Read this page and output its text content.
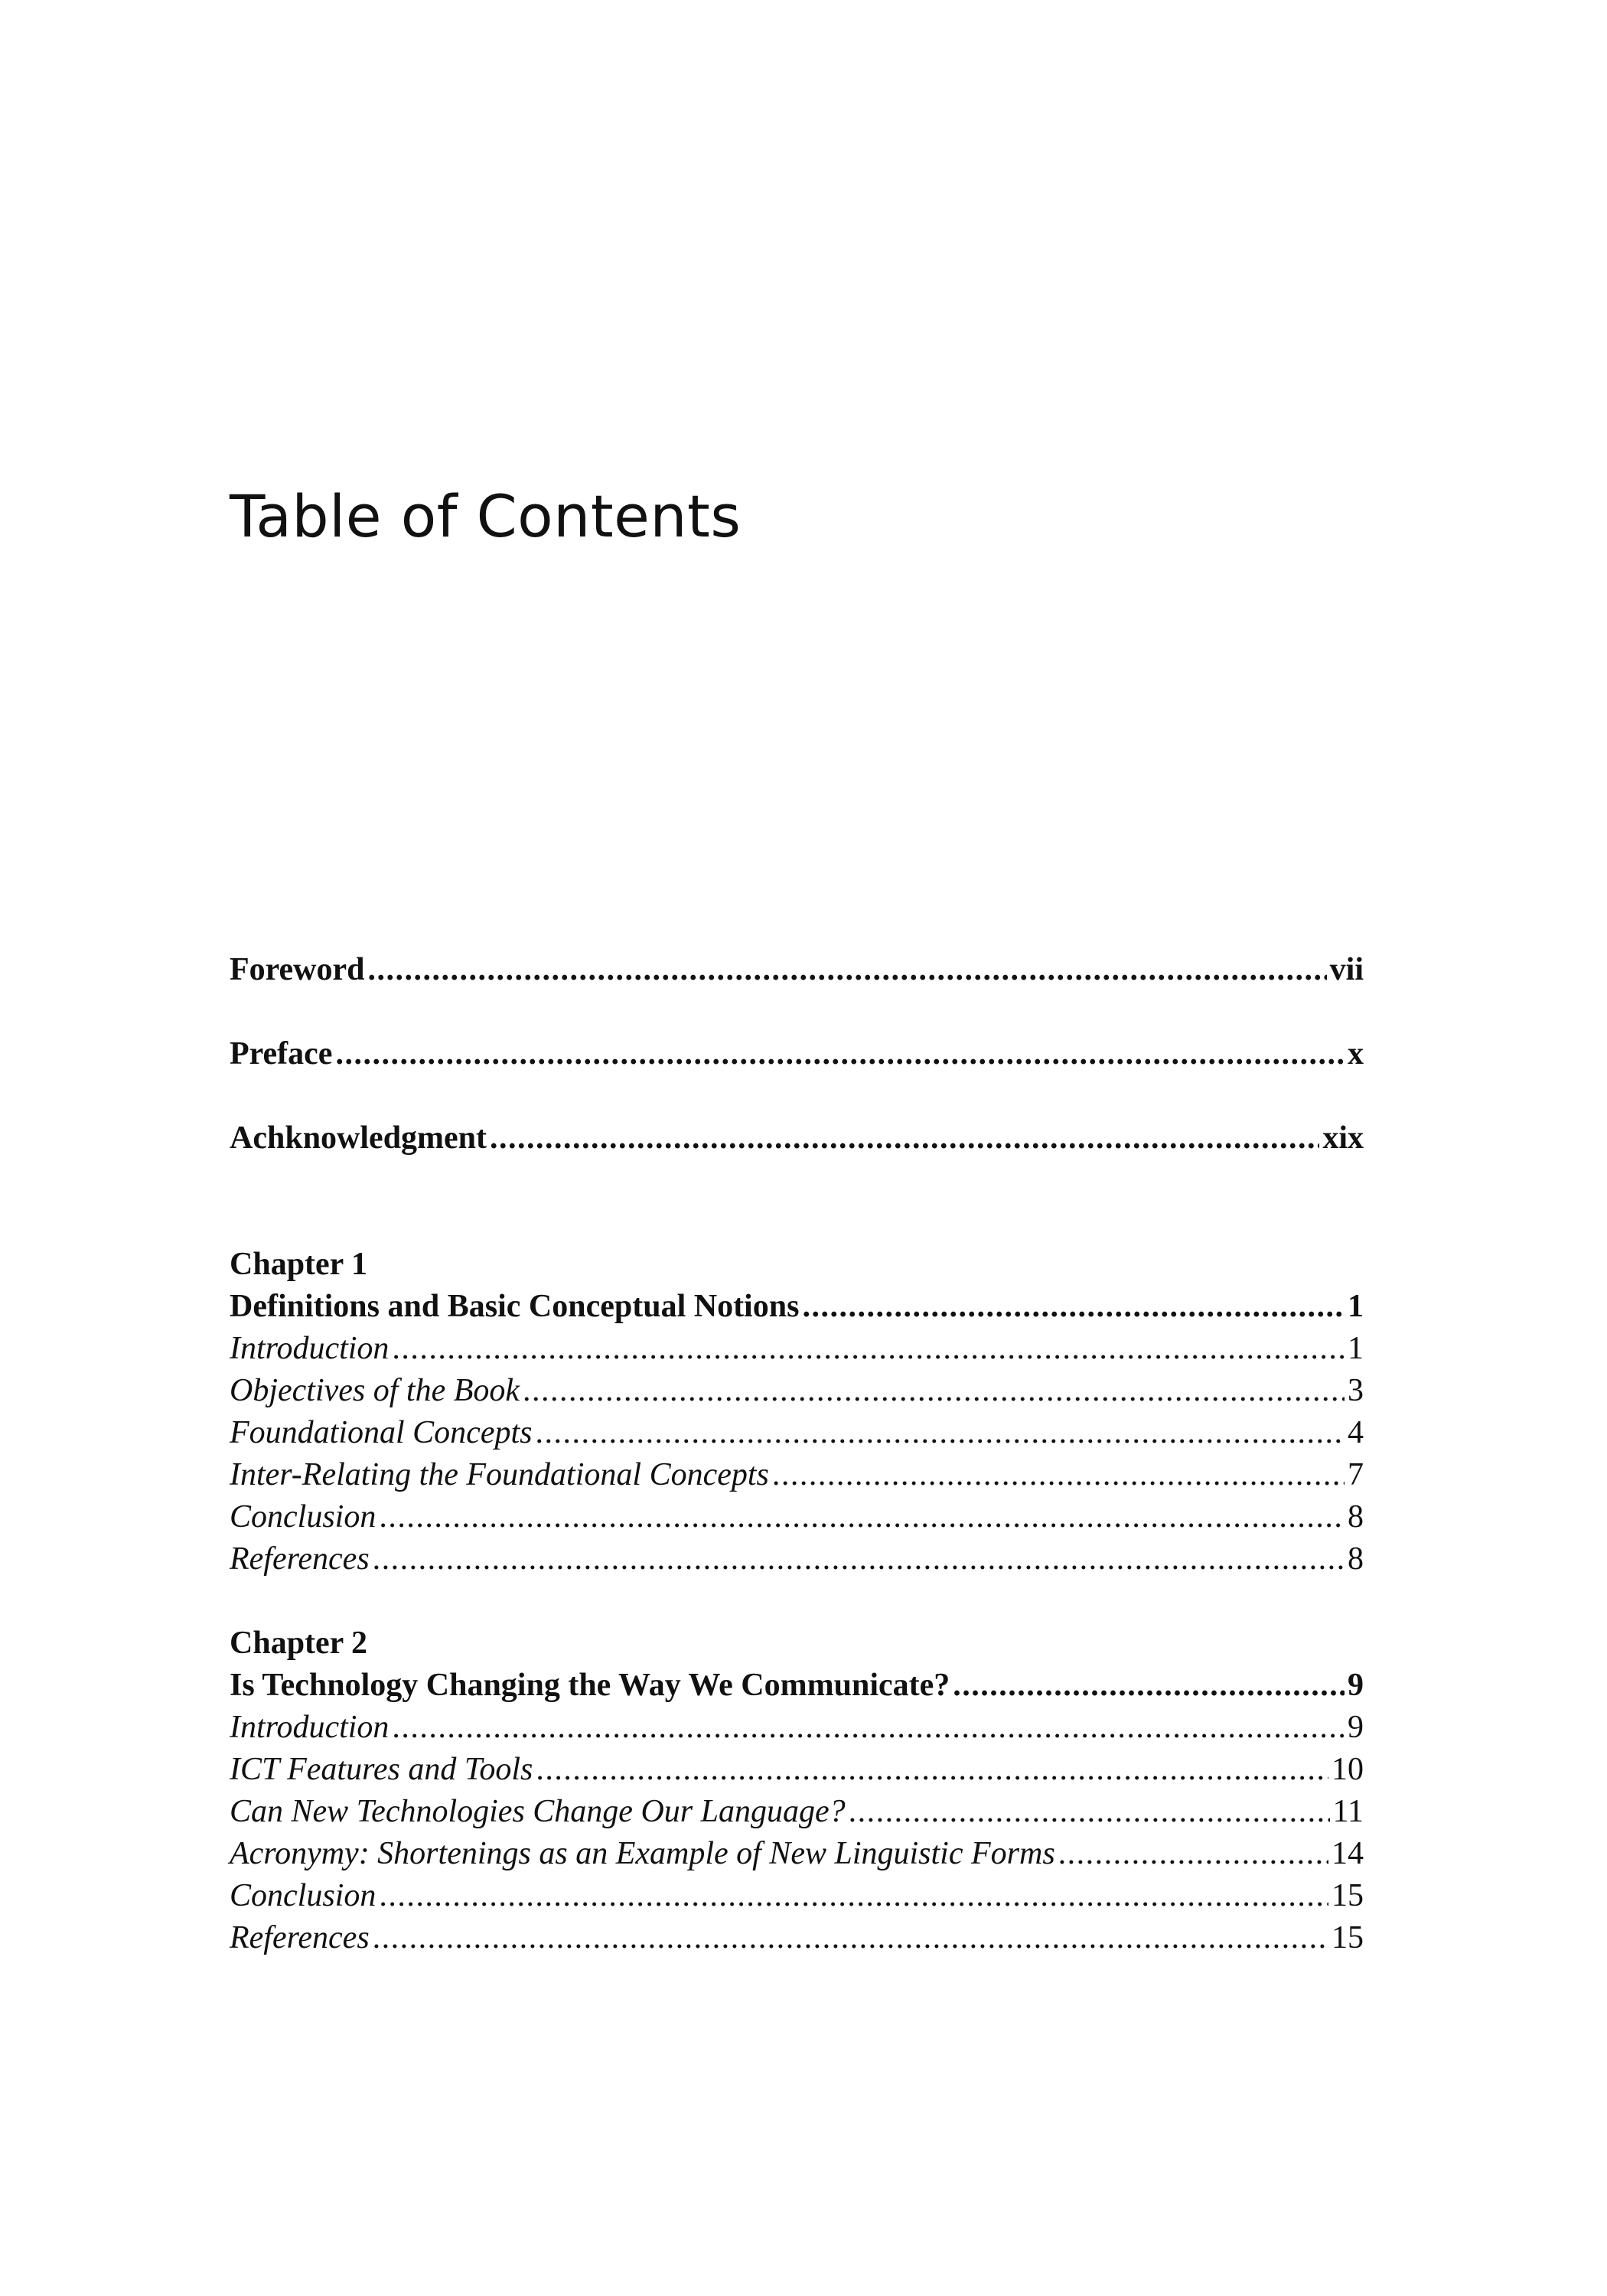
Table of Contents
Foreword .....	vii
Preface .....	x
Achknowledgment .....	xix
Chapter 1
Definitions and Basic Conceptual Notions .....	1
Introduction .....	1
Objectives of the Book .....	3
Foundational Concepts .....	4
Inter-Relating the Foundational Concepts .....	7
Conclusion .....	8
References .....	8
Chapter 2
Is Technology Changing the Way We Communicate? .....	9
Introduction .....	9
ICT Features and Tools .....	10
Can New Technologies Change Our Language? .....	11
Acronymy: Shortenings as an Example of New Linguistic Forms .....	14
Conclusion .....	15
References .....	15
